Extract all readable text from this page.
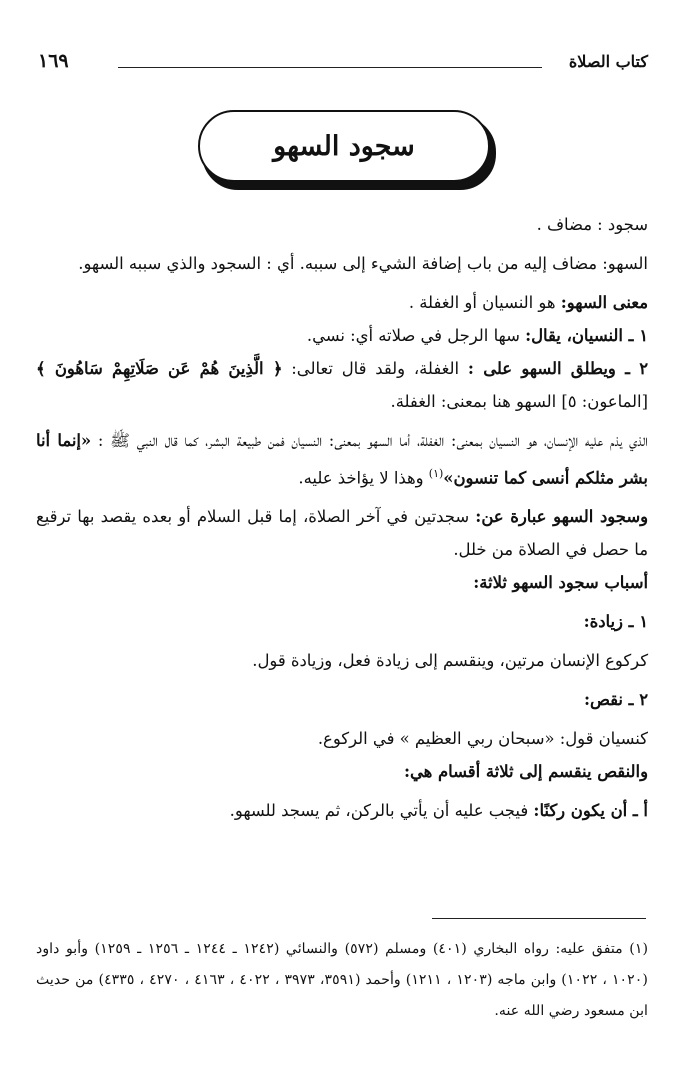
كتاب الصلاة
١٦٩
سجود السهو

سجود : مضاف .

السهو: مضاف إليه من باب إضافة الشيء إلى سببه. أي : السجود والذي سببه السهو.

معنى السهو: هو النسيان أو الغفلة .

١ ـ النسيان، يقال: سها الرجل في صلاته أي: نسي.

٢ ـ ويطلق السهو على : الغفلة، ولقد قال تعالى: ﴿ الَّذِينَ هُمْ عَن صَلَاتِهِمْ سَاهُونَ ﴾ [الماعون: ٥] السهو هنا بمعنى: الغفلة.

الذي يذم عليه الإنسان، هو النسيان بمعنى: الغفلة، أما السهو بمعنى: النسيان فمن طبيعة البشر، كما قال النبي ﷺ : «إنما أنا بشر مثلكم أنسى كما تنسون»$^{(١)}$ وهذا لا يؤاخذ عليه.

وسجود السهو عبارة عن: سجدتين في آخر الصلاة، إما قبل السلام أو بعده يقصد بها ترقيع ما حصل في الصلاة من خلل.

أسباب سجود السهو ثلاثة:

١ ـ زيادة:

كركوع الإنسان مرتين، وينقسم إلى زيادة فعل، وزيادة قول.

٢ ـ نقص:

كنسيان قول: «سبحان ربي العظيم » في الركوع.

والنقص ينقسم إلى ثلاثة أقسام هي:

أ ـ أن يكون ركنًا: فيجب عليه أن يأتي بالركن، ثم يسجد للسهو.

(١) متفق عليه: رواه البخاري (٤٠١) ومسلم (٥٧٢) والنسائي (١٢٤٢ ـ ١٢٤٤ ـ ١٢٥٦ ـ ١٢٥٩) وأبو داود (١٠٢٠ ، ١٠٢٢) وابن ماجه (١٢٠٣ ، ١٢١١) وأحمد (٣٥٩١، ٣٩٧٣ ، ٤٠٢٢ ، ٤١٦٣ ، ٤٢٧٠ ، ٤٣٣٥) من حديث ابن مسعود رضي الله عنه.
